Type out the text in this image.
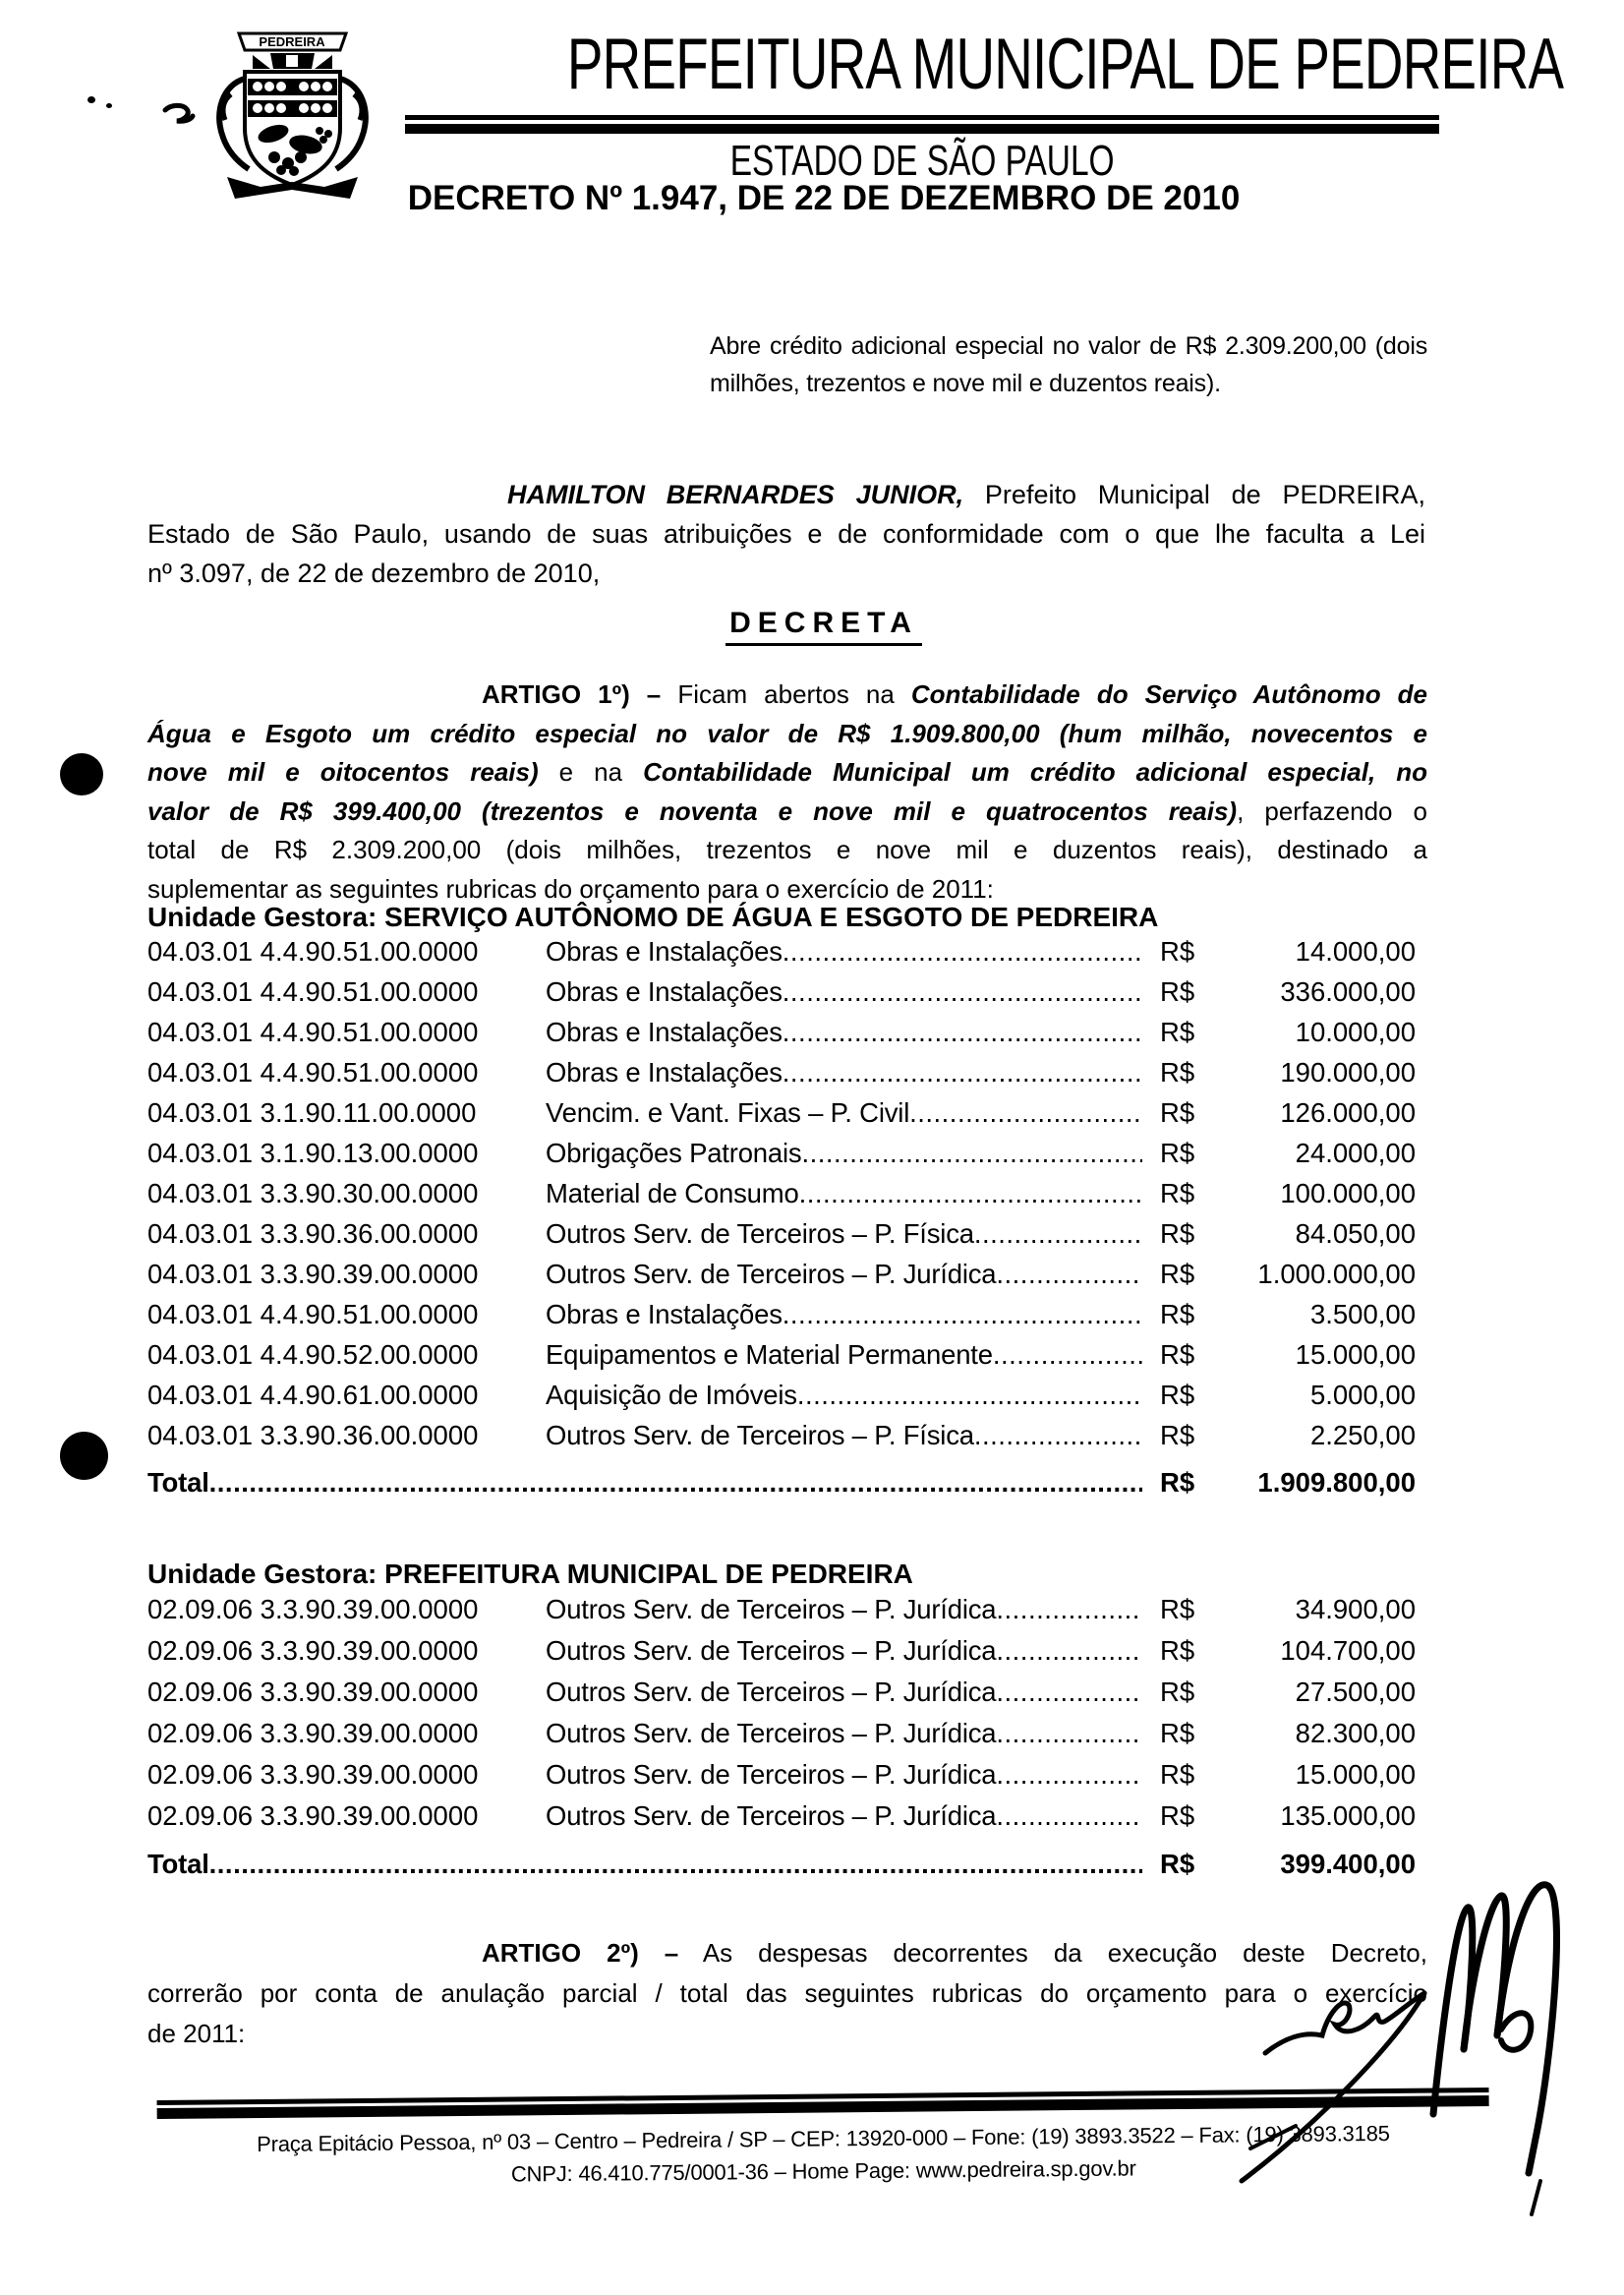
PEDREIRA	PREFEITURA MUNICIPAL DE PEDREIRA
ESTADO DE SÃO PAULO
DECRETO Nº 1.947, DE 22 DE DEZEMBRO DE 2010
Abre crédito adicional especial no valor de R$ 2.309.200,00 (dois milhões, trezentos e nove mil e duzentos reais).
HAMILTON BERNARDES JUNIOR, Prefeito Municipal de PEDREIRA,
Estado de São Paulo, usando de suas atribuições e de conformidade com o que lhe faculta a Lei
nº 3.097, de 22 de dezembro de 2010,
DECRETA
ARTIGO 1º) – Ficam abertos na Contabilidade do Serviço Autônomo de
Água e Esgoto um crédito especial no valor de R$ 1.909.800,00 (hum milhão, novecentos e
nove mil e oitocentos reais) e na Contabilidade Municipal um crédito adicional especial, no
valor de R$ 399.400,00 (trezentos e noventa e nove mil e quatrocentos reais), perfazendo o
total de R$ 2.309.200,00 (dois milhões, trezentos e nove mil e duzentos reais), destinado a
suplementar as seguintes rubricas do orçamento para o exercício de 2011:
Unidade Gestora: SERVIÇO AUTÔNOMO DE ÁGUA E ESGOTO DE PEDREIRA
04.03.01 4.4.90.51.00.0000	Obras e Instalações .....	R$	14.000,00
04.03.01 4.4.90.51.00.0000	Obras e Instalações .....	R$	336.000,00
04.03.01 4.4.90.51.00.0000	Obras e Instalações .....	R$	10.000,00
04.03.01 4.4.90.51.00.0000	Obras e Instalações .....	R$	190.000,00
04.03.01 3.1.90.11.00.0000	Vencim. e Vant. Fixas – P. Civil .....	R$	126.000,00
04.03.01 3.1.90.13.00.0000	Obrigações Patronais .....	R$	24.000,00
04.03.01 3.3.90.30.00.0000	Material de Consumo .....	R$	100.000,00
04.03.01 3.3.90.36.00.0000	Outros Serv. de Terceiros – P. Física .....	R$	84.050,00
04.03.01 3.3.90.39.00.0000	Outros Serv. de Terceiros – P. Jurídica .....	R$	1.000.000,00
04.03.01 4.4.90.51.00.0000	Obras e Instalações .....	R$	3.500,00
04.03.01 4.4.90.52.00.0000	Equipamentos e Material Permanente .....	R$	15.000,00
04.03.01 4.4.90.61.00.0000	Aquisição de Imóveis .....	R$	5.000,00
04.03.01 3.3.90.36.00.0000	Outros Serv. de Terceiros – P. Física .....	R$	2.250,00
Total .....	R$	1.909.800,00
Unidade Gestora: PREFEITURA MUNICIPAL DE PEDREIRA
02.09.06 3.3.90.39.00.0000	Outros Serv. de Terceiros – P. Jurídica .....	R$	34.900,00
02.09.06 3.3.90.39.00.0000	Outros Serv. de Terceiros – P. Jurídica .....	R$	104.700,00
02.09.06 3.3.90.39.00.0000	Outros Serv. de Terceiros – P. Jurídica .....	R$	27.500,00
02.09.06 3.3.90.39.00.0000	Outros Serv. de Terceiros – P. Jurídica .....	R$	82.300,00
02.09.06 3.3.90.39.00.0000	Outros Serv. de Terceiros – P. Jurídica .....	R$	15.000,00
02.09.06 3.3.90.39.00.0000	Outros Serv. de Terceiros – P. Jurídica .....	R$	135.000,00
Total .....	R$	399.400,00
ARTIGO 2º) – As despesas decorrentes da execução deste Decreto,
correrão por conta de anulação parcial / total das seguintes rubricas do orçamento para o exercício
de 2011:
Praça Epitácio Pessoa, nº 03 – Centro – Pedreira / SP – CEP: 13920-000 – Fone: (19) 3893.3522 – Fax: (19) 3893.3185
CNPJ: 46.410.775/0001-36 – Home Page: www.pedreira.sp.gov.br
